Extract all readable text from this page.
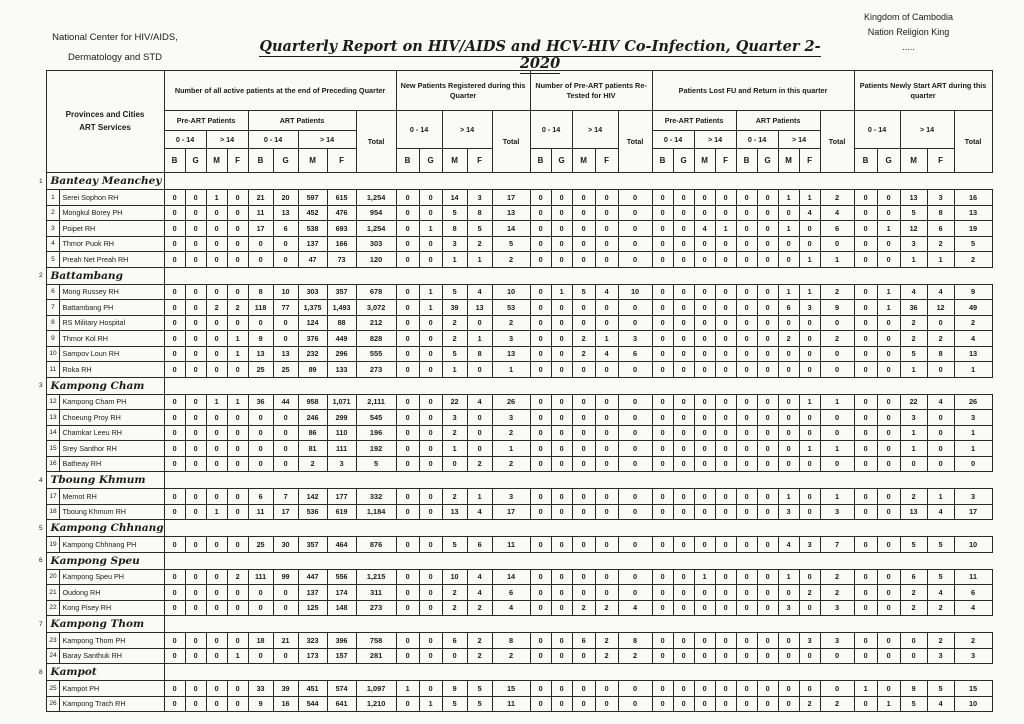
National Center for HIV/AIDS,
Dermatology and STD
Quarterly Report on HIV/AIDS and HCV-HIV Co-Infection, Quarter 2-2020
Kingdom of Cambodia
Nation Religion King
.....

	Provinces and Cities
ART Services		Number of all active patients at the end of Preceding Quarter									New Patients Registered during this Quarter					Number of Pre-ART patients Re-Tested for HIV					Patients Lost FU and Return in this quarter									Patients Newly Start ART during this quarter				
			Pre-ART Patients				ART Patients				Total	0 - 14		> 14		Total	0 - 14		> 14		Total	Pre-ART Patients				ART Patients				Total	0 - 14		> 14		Total
			0 - 14		> 14		0 - 14		> 14													0 - 14		> 14		0 - 14		> 14							
			B	G	M	F	B	G	M	F		B	G	M	F		B	G	M	F		B	G	M	F	B	G	M	F		B	G	M	F	
1	Banteay Meanchey																																		
	1	Serei Sophon RH	0	0	1	0	21	20	597	615	1,254	0	0	14	3	17	0	0	0	0	0	0	0	0	0	0	0	1	1	2	0	0	13	3	16
	2	Mongkul Borey PH	0	0	0	0	11	13	452	476	954	0	0	5	8	13	0	0	0	0	0	0	0	0	0	0	0	0	4	4	0	0	5	8	13
	3	Poipet RH	0	0	0	0	17	6	538	693	1,254	0	1	8	5	14	0	0	0	0	0	0	0	4	1	0	0	1	0	6	0	1	12	6	19
	4	Thmor Puok RH	0	0	0	0	0	0	137	166	303	0	0	3	2	5	0	0	0	0	0	0	0	0	0	0	0	0	0	0	0	0	3	2	5
	5	Preah Net Preah RH	0	0	0	0	0	0	47	73	120	0	0	1	1	2	0	0	0	0	0	0	0	0	0	0	0	0	1	1	0	0	1	1	2
2	Battambang																																		
	6	Mong Russey RH	0	0	0	0	8	10	303	357	678	0	1	5	4	10	0	1	5	4	10	0	0	0	0	0	0	1	1	2	0	1	4	4	9
	7	Battambang PH	0	0	2	2	118	77	1,375	1,493	3,072	0	1	39	13	53	0	0	0	0	0	0	0	0	0	0	0	6	3	9	0	1	36	12	49
	8	RS Military Hospital	0	0	0	0	0	0	124	88	212	0	0	2	0	2	0	0	0	0	0	0	0	0	0	0	0	0	0	0	0	0	2	0	2
	9	Thmor Kol RH	0	0	0	1	9	0	376	449	828	0	0	2	1	3	0	0	2	1	3	0	0	0	0	0	0	2	0	2	0	0	2	2	4
	10	Sampov Loun RH	0	0	0	1	13	13	232	296	555	0	0	5	8	13	0	0	2	4	6	0	0	0	0	0	0	0	0	0	0	0	5	8	13
	11	Roka RH	0	0	0	0	25	25	89	133	273	0	0	1	0	1	0	0	0	0	0	0	0	0	0	0	0	0	0	0	0	0	1	0	1
3	Kampong Cham																																		
	12	Kampong Cham PH	0	0	1	1	36	44	958	1,071	2,111	0	0	22	4	26	0	0	0	0	0	0	0	0	0	0	0	0	1	1	0	0	22	4	26
	13	Choeung Proy RH	0	0	0	0	0	0	246	299	545	0	0	3	0	3	0	0	0	0	0	0	0	0	0	0	0	0	0	0	0	0	3	0	3
	14	Chamkar Leeu RH	0	0	0	0	0	0	86	110	196	0	0	2	0	2	0	0	0	0	0	0	0	0	0	0	0	0	0	0	0	0	1	0	1
	15	Srey Santhor RH	0	0	0	0	0	0	81	111	192	0	0	1	0	1	0	0	0	0	0	0	0	0	0	0	0	0	1	1	0	0	1	0	1
	16	Batheay RH	0	0	0	0	0	0	2	3	5	0	0	0	2	2	0	0	0	0	0	0	0	0	0	0	0	0	0	0	0	0	0	0	0
4	Tboung Khmum																																		
	17	Memot RH	0	0	0	0	6	7	142	177	332	0	0	2	1	3	0	0	0	0	0	0	0	0	0	0	0	1	0	1	0	0	2	1	3
	18	Tboung Khmum RH	0	0	1	0	11	17	536	619	1,184	0	0	13	4	17	0	0	0	0	0	0	0	0	0	0	0	3	0	3	0	0	13	4	17
5	Kampong Chhnang																																		
	19	Kampong Chhnang PH	0	0	0	0	25	30	357	464	876	0	0	5	6	11	0	0	0	0	0	0	0	0	0	0	0	4	3	7	0	0	5	5	10
6	Kampong Speu																																		
	20	Kampong Speu PH	0	0	0	2	111	99	447	556	1,215	0	0	10	4	14	0	0	0	0	0	0	0	1	0	0	0	1	0	2	0	0	6	5	11
	21	Oudong RH	0	0	0	0	0	0	137	174	311	0	0	2	4	6	0	0	0	0	0	0	0	0	0	0	0	0	2	2	0	0	2	4	6
	22	Kong Pisey RH	0	0	0	0	0	0	125	148	273	0	0	2	2	4	0	0	2	2	4	0	0	0	0	0	0	3	0	3	0	0	2	2	4
7	Kampong Thom																																		
	23	Kampong Thom PH	0	0	0	0	18	21	323	396	758	0	0	6	2	8	0	0	6	2	8	0	0	0	0	0	0	0	3	3	0	0	0	2	2
	24	Baray Santhuk RH	0	0	0	1	0	0	173	157	281	0	0	0	2	2	0	0	0	2	2	0	0	0	0	0	0	0	0	0	0	0	0	3	3
8	Kampot																																		
	25	Kampot PH	0	0	0	0	33	39	451	574	1,097	1	0	9	5	15	0	0	0	0	0	0	0	0	0	0	0	0	0	0	1	0	9	5	15
	26	Kampong Trach RH	0	0	0	0	9	16	544	641	1,210	0	1	5	5	11	0	0	0	0	0	0	0	0	0	0	0	0	2	2	0	1	5	4	10
